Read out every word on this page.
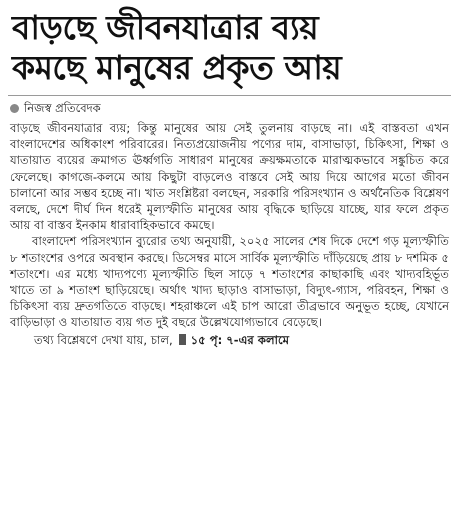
বাড়ছে জীবনযাত্রার ব্যয়
কমছে মানুষের প্রকৃত আয়
নিজস্ব প্রতিবেদক

বাড়ছে জীবনযাত্রার ব্যয়; কিন্তু মানুষের আয় সেই তুলনায় বাড়ছে না। এই বাস্তবতা এখন বাংলাদেশের অধিকাংশ পরিবারের। নিত্যপ্রয়োজনীয় পণ্যের দাম, বাসাভাড়া, চিকিৎসা, শিক্ষা ও যাতায়াত ব্যয়ের ক্রমাগত ঊর্ধ্বগতি সাধারণ মানুষের ক্রয়ক্ষমতাকে মারাত্মকভাবে সঙ্কুচিত করে ফেলেছে। কাগজে-কলমে আয় কিছুটা বাড়লেও বাস্তবে সেই আয় দিয়ে আগের মতো জীবন চালানো আর সম্ভব হচ্ছে না। খাত সংশ্লিষ্টরা বলছেন, সরকারি পরিসংখ্যান ও অর্থনৈতিক বিশ্লেষণ বলছে, দেশে দীর্ঘ দিন ধরেই মূল্যস্ফীতি মানুষের আয় বৃদ্ধিকে ছাড়িয়ে যাচ্ছে, যার ফলে প্রকৃত আয় বা বাস্তব ইনকাম ধারাবাহিকভাবে কমছে।

বাংলাদেশ পরিসংখ্যান ব্যুরোর তথ্য অনুযায়ী, ২০২৫ সালের শেষ দিকে দেশে গড় মূল্যস্ফীতি ৮ শতাংশের ওপরে অবস্থান করছে। ডিসেম্বর মাসে সার্বিক মূল্যস্ফীতি দাঁড়িয়েছে প্রায় ৮ দশমিক ৫ শতাংশে। এর মধ্যে খাদ্যপণ্যে মূল্যস্ফীতি ছিল সাড়ে ৭ শতাংশের কাছাকাছি এবং খাদ্যবহির্ভূত খাতে তা ৯ শতাংশ ছাড়িয়েছে। অর্থাৎ খাদ্য ছাড়াও বাসাভাড়া, বিদ্যুৎ-গ্যাস, পরিবহন, শিক্ষা ও চিকিৎসা ব্যয় দ্রুতগতিতে বাড়ছে। শহরাঞ্চলে এই চাপ আরো তীব্রভাবে অনুভূত হচ্ছে, যেখানে বাড়িভাড়া ও যাতায়াত ব্যয় গত দুই বছরে উল্লেখযোগ্যভাবে বেড়েছে।

তথ্য বিশ্লেষণে দেখা যায়, চাল, ১৫ পৃ: ৭-এর কলামে
